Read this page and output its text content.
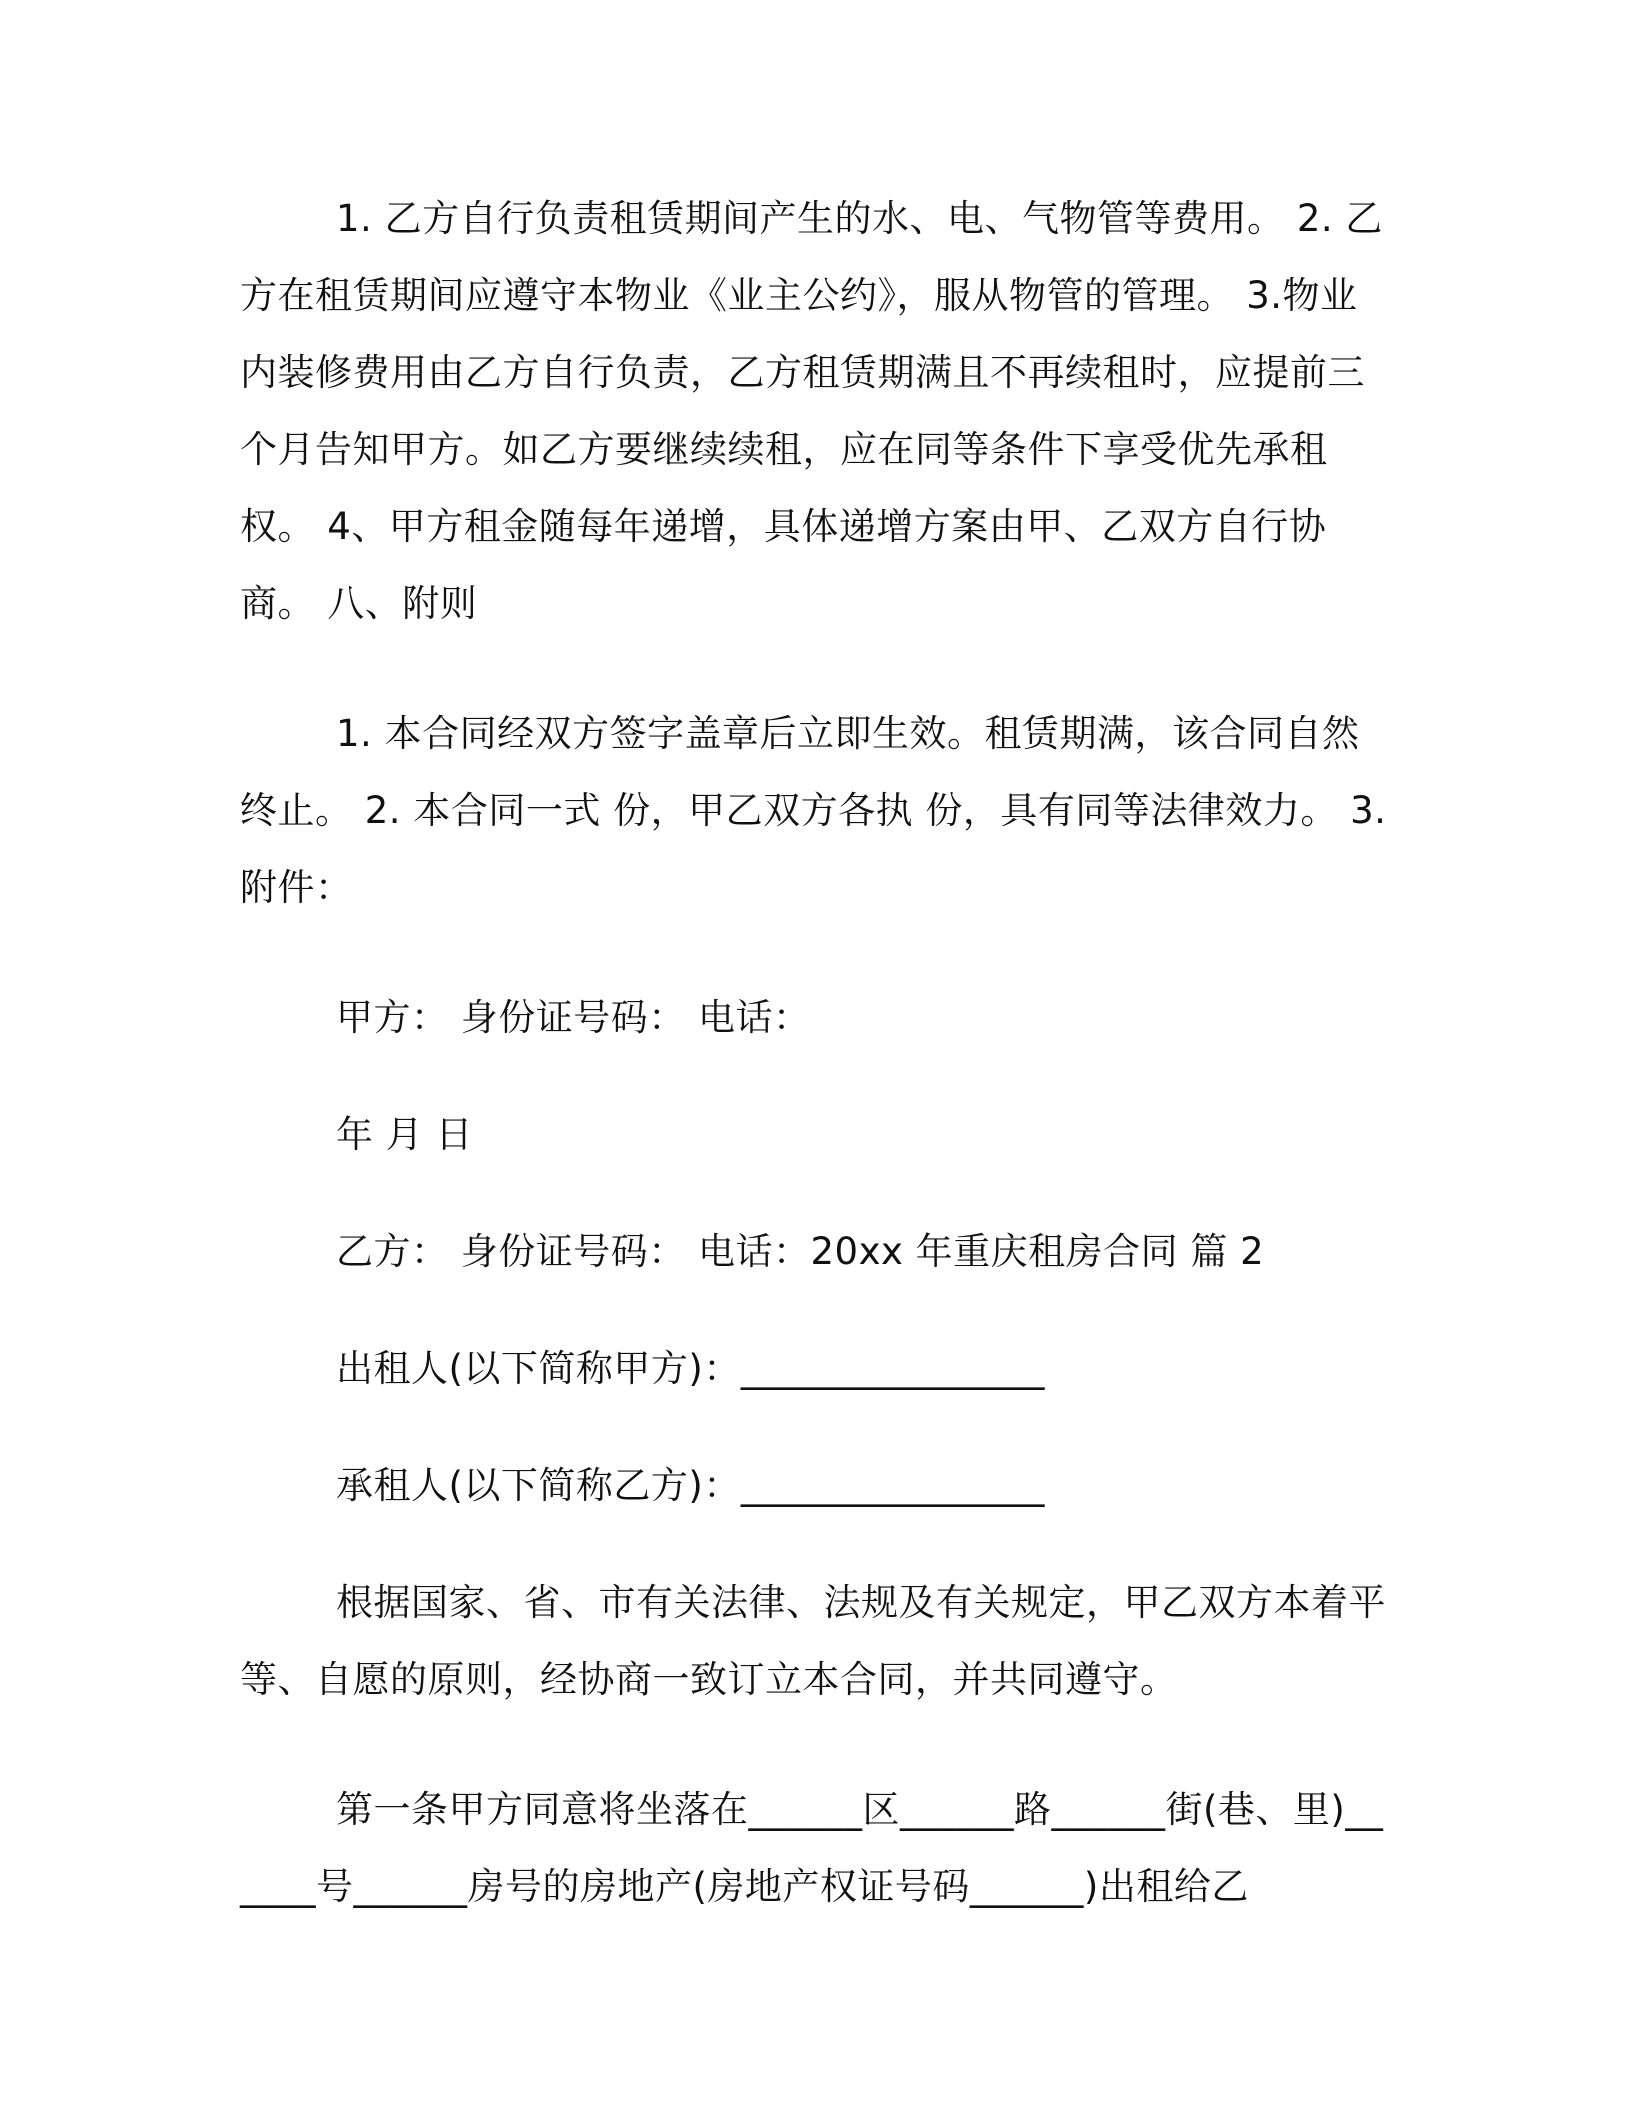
1. 乙方自行负责租赁期间产生的水、电、气物管等费用。 2. 乙方在租赁期间应遵守本物业《业主公约》，服从物管的管理。 3.物业内装修费用由乙方自行负责，乙方租赁期满且不再续租时，应提前三个月告知甲方。如乙方要继续续租，应在同等条件下享受优先承租权。 4、甲方租金随每年递增，具体递增方案由甲、乙双方自行协商。 八、附则

1. 本合同经双方签字盖章后立即生效。租赁期满，该合同自然终止。 2. 本合同一式 份，甲乙双方各执 份，具有同等法律效力。 3. 附件：

甲方： 身份证号码： 电话：

年 月 日

乙方： 身份证号码： 电话：20xx 年重庆租房合同 篇 2

出租人(以下简称甲方)：________________

承租人(以下简称乙方)：________________

根据国家、省、市有关法律、法规及有关规定，甲乙双方本着平等、自愿的原则，经协商一致订立本合同，并共同遵守。

第一条甲方同意将坐落在______区______路______街(巷、里)______号______房号的房地产(房地产权证号码______)出租给乙
